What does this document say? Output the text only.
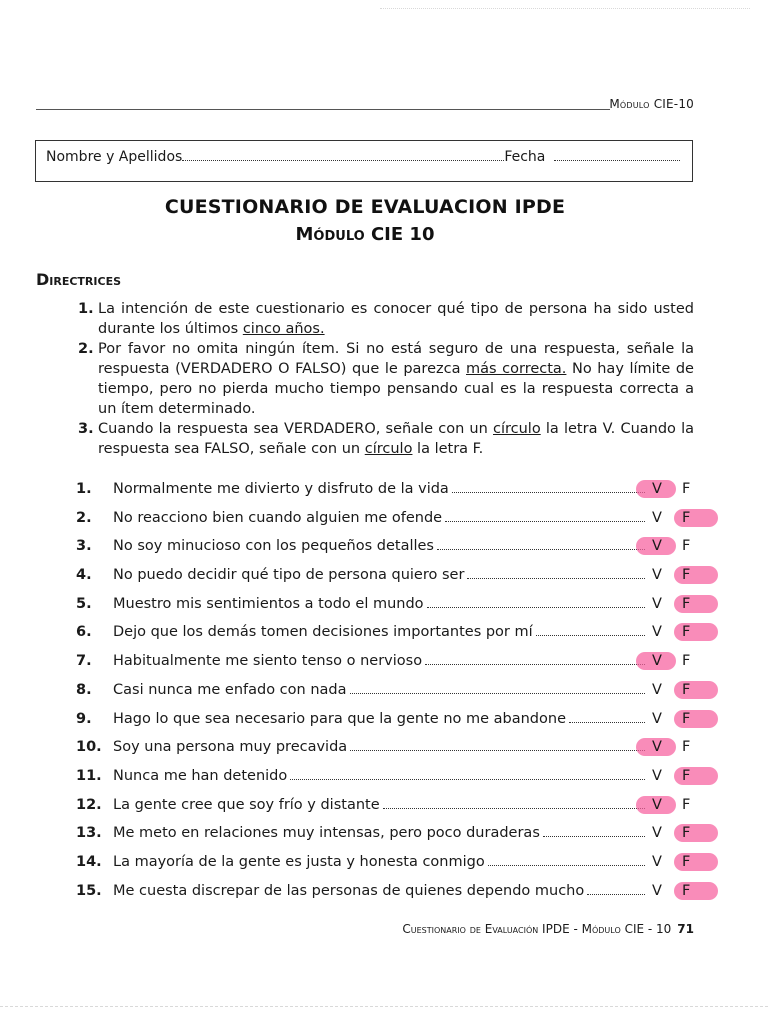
Módulo CIE-10
Nombre y Apellidos	Fecha
CUESTIONARIO DE EVALUACION IPDE
Módulo CIE 10
Directrices
1. La intención de este cuestionario es conocer qué tipo de persona ha sido usted durante los últimos cinco años.
2. Por favor no omita ningún ítem. Si no está seguro de una respuesta, señale la respuesta (VERDADERO O FALSO) que le parezca más correcta. No hay límite de tiempo, pero no pierda mucho tiempo pensando cual es la respuesta correcta a un ítem determinado.
3. Cuando la respuesta sea VERDADERO, señale con un círculo la letra V. Cuando la respuesta sea FALSO, señale con un círculo la letra F.
1.	Normalmente me divierto y disfruto de la vida	V F
2.	No reacciono bien cuando alguien me ofende	V F
3.	No soy minucioso con los pequeños detalles	V F
4.	No puedo decidir qué tipo de persona quiero ser	V F
5.	Muestro mis sentimientos a todo el mundo	V F
6.	Dejo que los demás tomen decisiones importantes por mí	V F
7.	Habitualmente me siento tenso o nervioso	V F
8.	Casi nunca me enfado con nada	V F
9.	Hago lo que sea necesario para que la gente no me abandone	V F
10. Soy una persona muy precavida	V F
11. Nunca me han detenido	V F
12. La gente cree que soy frío y distante	V F
13. Me meto en relaciones muy intensas, pero poco duraderas	V F
14. La mayoría de la gente es justa y honesta conmigo	V F
15. Me cuesta discrepar de las personas de quienes dependo mucho	V F
Cuestionario de Evaluación IPDE - Módulo CIE - 10 71
